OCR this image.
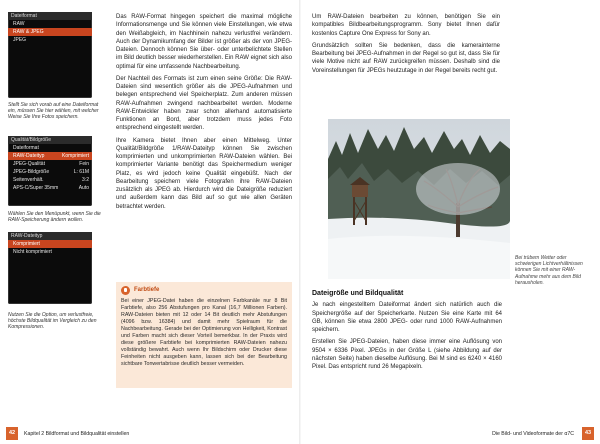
Dateiformat
RAW
RAW & JPEG
JPEG
Stellt Sie sich vorab auf eine Dateiformat ein, müssen Sie hier wählen, mit welcher Weise Sie Ihre Fotos speichern.
Qualität/Bildgröße
Dateiformat
RAW-Dateityp	Komprimiert
JPEG-Qualität	Fein
JPEG-Bildgröße	L: 61M
Seitenverhält.	3:2
APS-C/Super 35mm	Auto
Wählen Sie den Menüpunkt, wenn Sie die RAW-Speicherung ändern wollen.
RAW-Dateityp
Komprimiert
Nicht komprimiert
Nutzen Sie die Option, um verlustfreie, höchste Bildqualität im Vergleich zu den Kompressionen.

Das RAW-Format hingegen speichert die maximal mögliche Informationsmenge und Sie können viele Einstellungen, wie etwa den Weißabgleich, im Nachhinein nahezu verlustfrei verändern. Auch der Dynamikumfang der Bilder ist größer als der von JPEG-Dateien. Dennoch können Sie über- oder unterbelichtete Stellen im Bild deutlich besser wiederherstellen. Ein RAW eignet sich also optimal für eine umfassende Nachbearbeitung.

Der Nachteil des Formats ist zum einen seine Größe: Die RAW-Dateien sind wesentlich größer als die JPEG-Aufnahmen und belegen entsprechend viel Speicherplatz. Zum anderen müssen RAW-Aufnahmen zwingend nachbearbeitet werden. Moderne RAW-Entwickler haben zwar schon allerhand automatisierte Funktionen an Bord, aber trotzdem muss jedes Foto entsprechend eingestellt werden.

Ihre Kamera bietet Ihnen aber einen Mittelweg. Unter Qualität/Bildgröße 1/RAW-Dateityp können Sie zwischen komprimierten und unkomprimierten RAW-Dateien wählen. Bei komprimierter Variante benötigt das Speichermedium weniger Platz, es wird jedoch keine Qualität eingebüßt. Nach der Bearbeitung speichern viele Fotografen ihre RAW-Dateien zusätzlich als JPEG ab. Hierdurch wird die Dateigröße reduziert und außerdem kann das Bild auf so gut wie allen Geräten betrachtet werden.

Farbtiefe
Bei einer JPEG-Datei haben die einzelnen Farbkanäle nur 8 Bit Farbtiefe, also 256 Abstufungen pro Kanal (16,7 Millionen Farben). RAW-Dateien bieten mit 12 oder 14 Bit deutlich mehr Abstufungen (4096 bzw. 16384) und damit mehr Spielraum für die Nachbearbeitung. Gerade bei der Optimierung von Helligkeit, Kontrast und Farben macht sich dieser Vorteil bemerkbar. In der Praxis wird diese größere Farbtiefe bei komprimierten RAW-Dateien nahezu vollständig bewahrt. Auch wenn Ihr Bildschirm oder Drucker diese Feinheiten nicht ausgeben kann, lassen sich bei der Bearbeitung sichtbare Tonwertabrisse deutlich besser vermeiden.

Um RAW-Dateien bearbeiten zu können, benötigen Sie ein kompatibles Bildbearbeitungsprogramm. Sony bietet Ihnen dafür kostenlos Capture One Express for Sony an.

Grundsätzlich sollten Sie bedenken, dass die kamerainterne Bearbeitung bei JPEG-Aufnahmen in der Regel so gut ist, dass Sie für viele Motive nicht auf RAW zurückgreifen müssen. Deshalb sind die Voreinstellungen für JPEGs heutzutage in der Regel bereits recht gut.

Bei trübem Wetter oder schwierigen Lichtverhältnissen können Sie mit einer RAW-Aufnahme mehr aus dem Bild herausholen.
Dateigröße und Bildqualität

Je nach eingestelltem Dateiformat ändert sich natürlich auch die Speichergröße auf der Speicherkarte. Nutzen Sie eine Karte mit 64 GB, können Sie etwa 2800 JPEG- oder rund 1000 RAW-Aufnahmen speichern.

Erstellen Sie JPEG-Dateien, haben diese immer eine Auflösung von 9504 × 6336 Pixel. JPEGs in der Größe L (siehe Abbildung auf der nächsten Seite) haben dieselbe Auflösung. Bei M sind es 6240 × 4160 Pixel. Das entspricht rund 26 Megapixeln.

42	Kapitel 2 Bildformat und Bildqualität einstellen	Die Bild- und Videoformate der α7C	43
